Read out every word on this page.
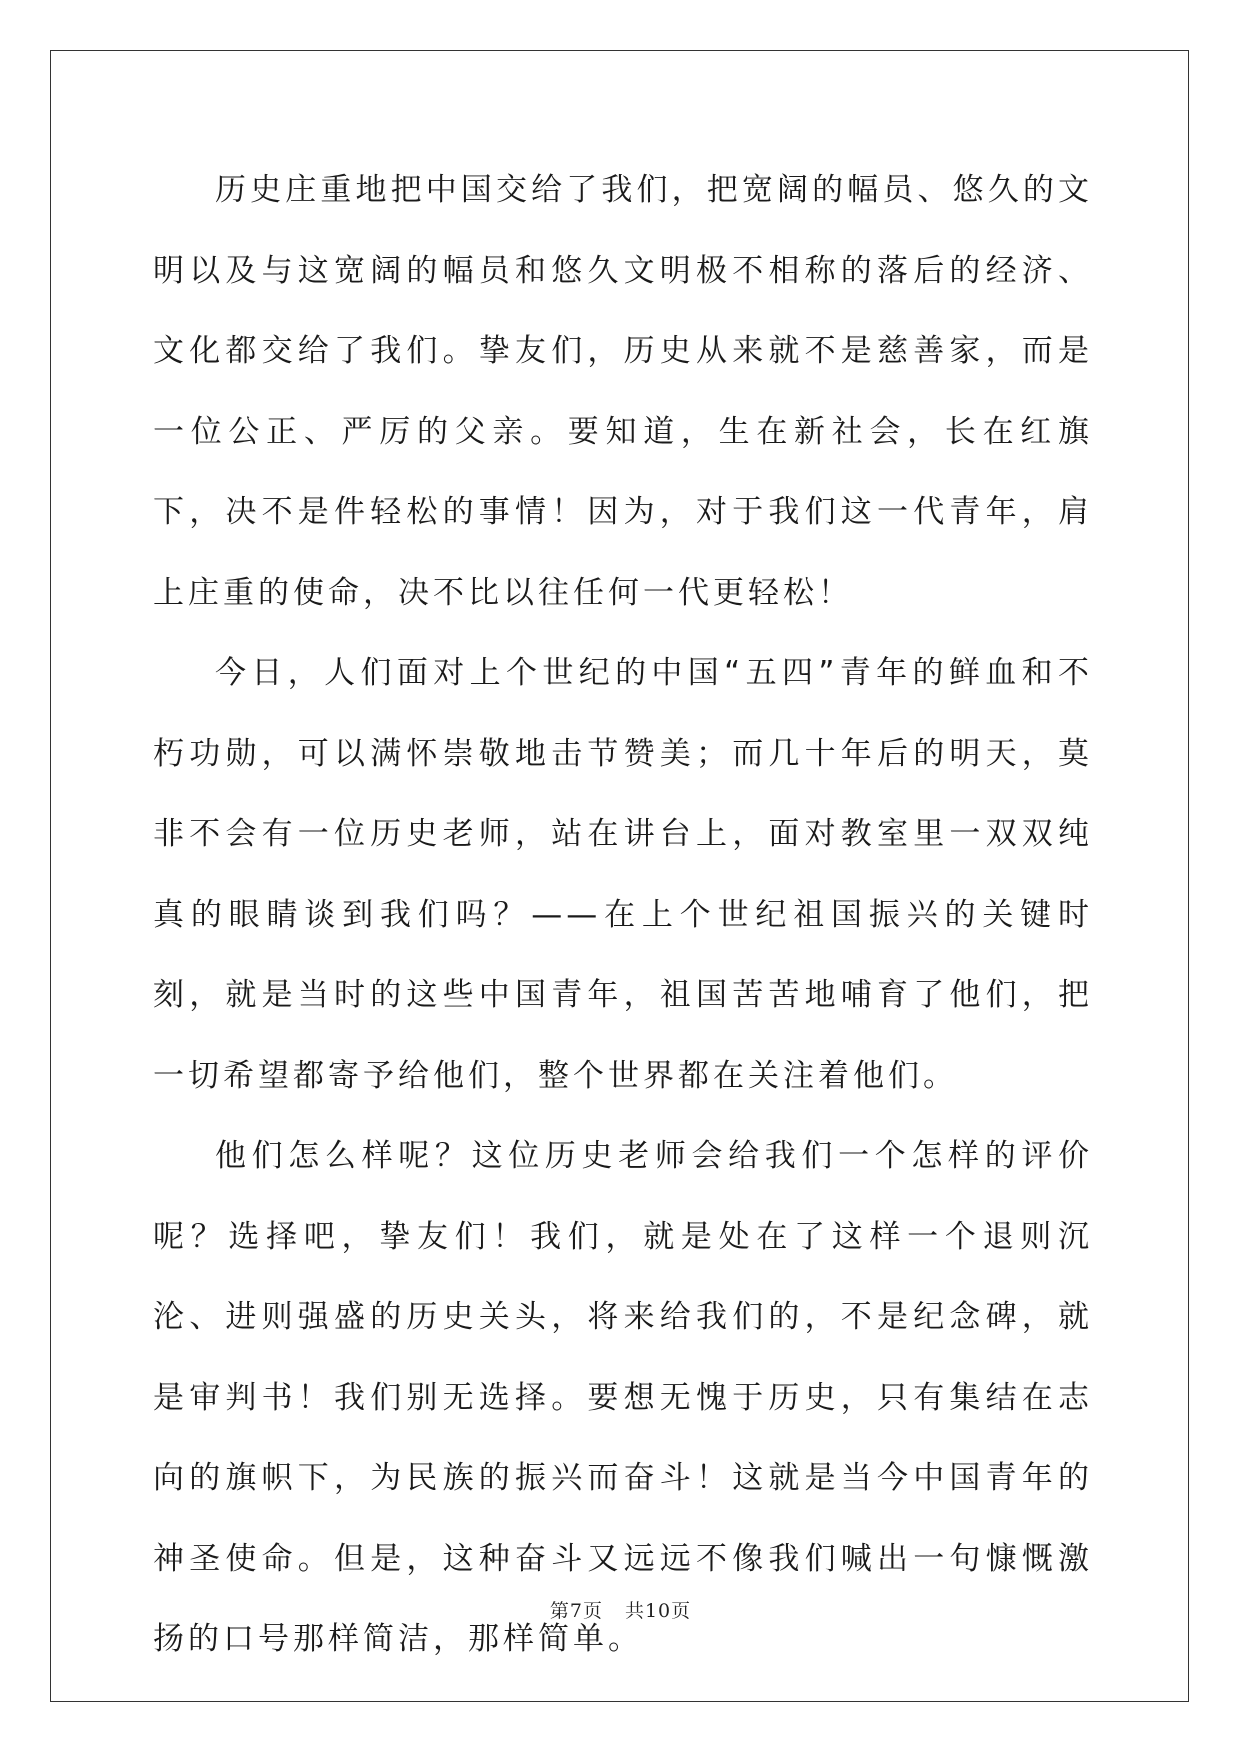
历史庄重地把中国交给了我们，把宽阔的幅员、悠久的文明以及与这宽阔的幅员和悠久文明极不相称的落后的经济、文化都交给了我们。挚友们，历史从来就不是慈善家，而是一位公正、严厉的父亲。要知道，生在新社会，长在红旗下，决不是件轻松的事情！因为，对于我们这一代青年，肩上庄重的使命，决不比以往任何一代更轻松！

今日，人们面对上个世纪的中国“五四”青年的鲜血和不朽功勋，可以满怀崇敬地击节赞美；而几十年后的明天，莫非不会有一位历史老师，站在讲台上，面对教室里一双双纯真的眼睛谈到我们吗？——在上个世纪祖国振兴的关键时刻，就是当时的这些中国青年，祖国苦苦地哺育了他们，把一切希望都寄予给他们，整个世界都在关注着他们。

他们怎么样呢？这位历史老师会给我们一个怎样的评价呢？选择吧，挚友们！我们，就是处在了这样一个退则沉沦、进则强盛的历史关头，将来给我们的，不是纪念碑，就是审判书！我们别无选择。要想无愧于历史，只有集结在志向的旗帜下，为民族的振兴而奋斗！这就是当今中国青年的神圣使命。但是，这种奋斗又远远不像我们喊出一句慷慨激扬的口号那样简洁，那样简单。

第7页 共10页
